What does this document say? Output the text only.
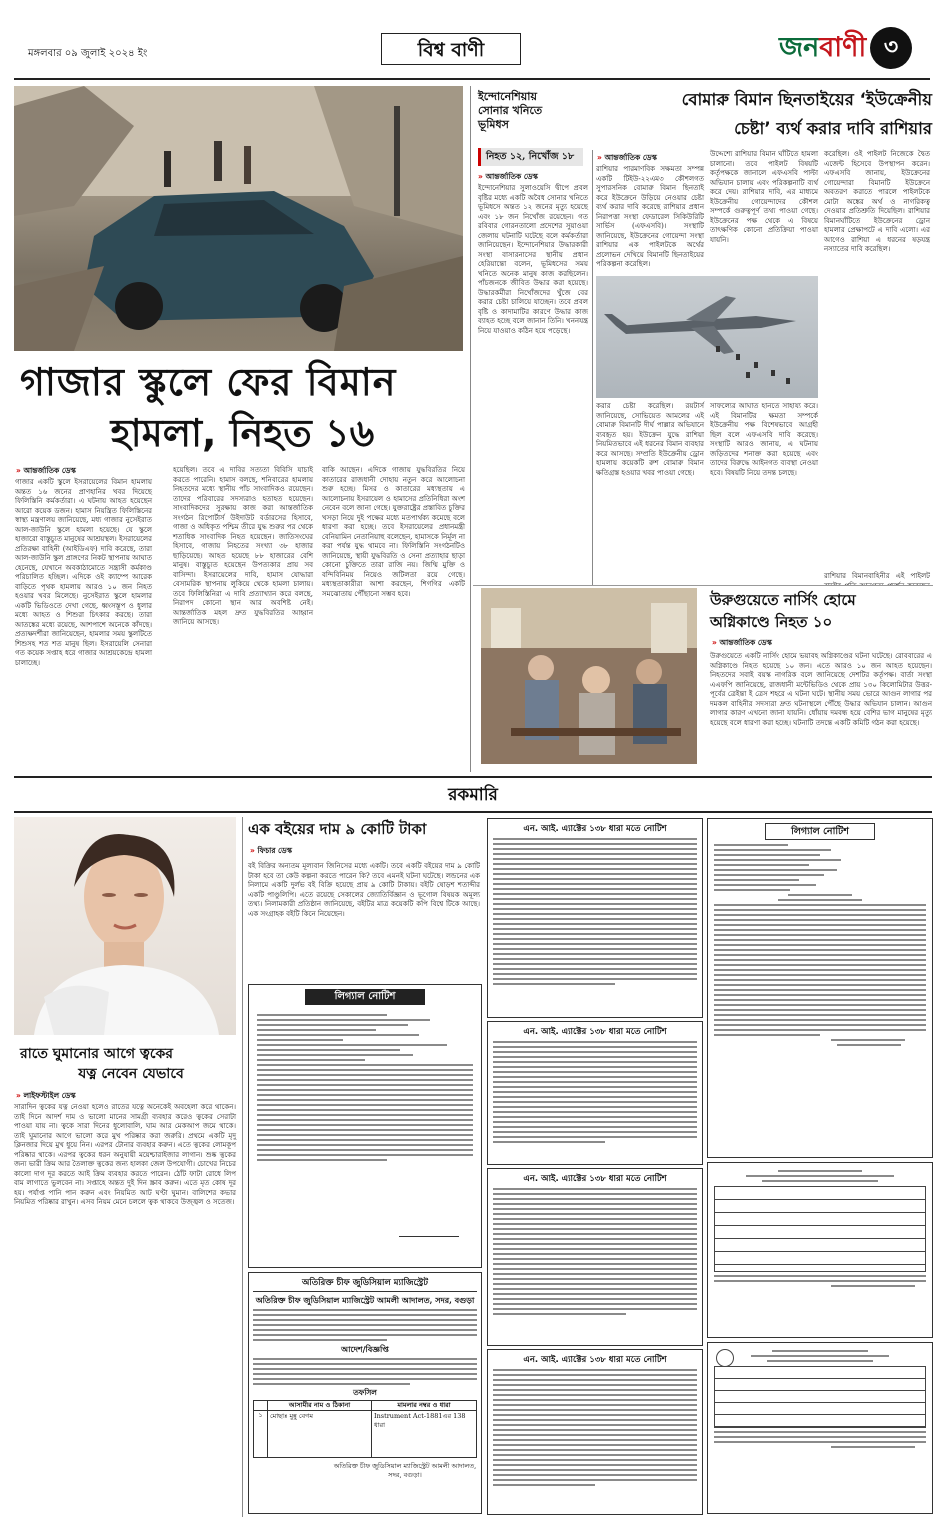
মঙ্গলবার ০৯ জুলাই ২০২৪ ইং	বিশ্ব বাণী	জনবাণী ৩
গাজার স্কুলে ফের বিমান
হামলা, নিহত ১৬
» আন্তর্জাতিক ডেস্ক
গাজার একটি স্কুলে ইসরায়েলের বিমান হামলায় অন্তত ১৬ জনের প্রাণহানির খবর দিয়েছে ফিলিস্তিনি কর্মকর্তারা। এ ঘটনায় আহত হয়েছেন আরো কয়েক ডজন। হামাস নিয়ন্ত্রিত ফিলিস্তিনের স্বাস্থ্য মন্ত্রণালয় জানিয়েছে, মধ্য গাজার নুসেইরাত আল-জাউনি স্কুলে হামলা হয়েছে। যে স্কুলে হাজারো বাস্তুচ্যুত মানুষের আশ্রয়স্থল। ইসরায়েলের প্রতিরক্ষা বাহিনী (আইডিএফ) দাবি করেছে, তারা আল-জাউনি স্কুল প্রাঙ্গণের নিকট স্থাপনায় আঘাত হেনেছে, যেখানে অবকাঠামোতে সন্ত্রাসী কর্মকাণ্ড পরিচালিত হচ্ছিল। এদিকে ওই ক্যাম্পে আরেক বাড়িতে পৃথক হামলায় আরও ১০ জন নিহত হওয়ার খবর মিলেছে। নুসেইরাত স্কুলে হামলার একটি ভিডিওতে দেখা গেছে, ধ্বংসস্তূপ ও ধুলার মধ্যে আহত ও শিশুরা চিৎকার করছে। তারা আতঙ্কের মধ্যে রয়েছে, আশপাশে অনেকে কাঁদছে। প্রত্যক্ষদর্শীরা জানিয়েছেন, হামলার সময় স্কুলটিতে শিশুসহ শত শত মানুষ ছিল। ইসরায়েলি সেনারা গত কয়েক সপ্তাহ ধরে গাজার আশ্রয়কেন্দ্রে হামলা চালাচ্ছে।
হয়েছিল। তবে এ দাবির সত্যতা বিবিসি যাচাই করতে পারেনি। হামাস বলছে, শনিবারের হামলায় নিহতদের মধ্যে স্থানীয় পাঁচ সাংবাদিকও রয়েছেন। তাদের পরিবারের সদস্যরাও হতাহত হয়েছেন। সাংবাদিকদের সুরক্ষায় কাজ করা আন্তর্জাতিক সংগঠন রিপোর্টার্স উইদাউট বর্ডারসের হিসাবে, গাজা ও অধিকৃত পশ্চিম তীরে যুদ্ধ শুরুর পর থেকে শতাধিক সাংবাদিক নিহত হয়েছেন। জাতিসংঘের হিসাবে, গাজায় নিহতের সংখ্যা ৩৮ হাজার ছাড়িয়েছে। আহত হয়েছে ৮৮ হাজারের বেশি মানুষ। বাস্তুচ্যুত হয়েছেন উপত্যকার প্রায় সব বাসিন্দা। ইসরায়েলের দাবি, হামাস যোদ্ধারা বেসামরিক স্থাপনায় লুকিয়ে থেকে হামলা চালায়। তবে ফিলিস্তিনিরা এ দাবি প্রত্যাখ্যান করে বলছে, নিরাপদ কোনো স্থান আর অবশিষ্ট নেই। আন্তর্জাতিক মহল দ্রুত যুদ্ধবিরতির আহ্বান জানিয়ে আসছে।
বাকি আছেন। এদিকে গাজায় যুদ্ধবিরতির নিয়ে কাতারের রাজধানী দোহায় নতুন করে আলোচনা শুরু হচ্ছে। মিসর ও কাতারের মধ্যস্থতায় এ আলোচনায় ইসরায়েল ও হামাসের প্রতিনিধিরা অংশ নেবেন বলে জানা গেছে। যুক্তরাষ্ট্রের প্রস্তাবিত চুক্তির খসড়া নিয়ে দুই পক্ষের মধ্যে মতপার্থক্য কমেছে বলে ধারণা করা হচ্ছে। তবে ইসরায়েলের প্রধানমন্ত্রী বেনিয়ামিন নেতানিয়াহু বলেছেন, হামাসকে নির্মূল না করা পর্যন্ত যুদ্ধ থামবে না। ফিলিস্তিনি সংগঠনটিও জানিয়েছে, স্থায়ী যুদ্ধবিরতি ও সেনা প্রত্যাহার ছাড়া কোনো চুক্তিতে তারা রাজি নয়। জিম্মি মুক্তি ও বন্দিবিনিময় নিয়েও জটিলতা রয়ে গেছে। মধ্যস্থতাকারীরা আশা করছেন, শিগগির একটি সমঝোতায় পৌঁছানো সম্ভব হবে।
ইন্দোনেশিয়ায় সোনার খনিতে ভূমিধস
নিহত ১২, নিখোঁজ ১৮
» আন্তর্জাতিক ডেস্ক
ইন্দোনেশিয়ার সুলাওয়েসি দ্বীপে প্রবল বৃষ্টির মধ্যে একটি অবৈধ সোনার খনিতে ভূমিধসে অন্তত ১২ জনের মৃত্যু হয়েছে এবং ১৮ জন নিখোঁজ রয়েছেন। গত রবিবার গোরনতালো প্রদেশের সুয়াওয়া জেলায় ঘটনাটি ঘটেছে বলে কর্মকর্তারা জানিয়েছেন। ইন্দোনেশিয়ার উদ্ধারকারী সংস্থা বাসারনাসের স্থানীয় প্রধান হেরিয়ান্তো বলেন, ভূমিধসের সময় খনিতে অনেক মানুষ কাজ করছিলেন। পাঁচজনকে জীবিত উদ্ধার করা হয়েছে। উদ্ধারকর্মীরা নিখোঁজদের খুঁজে বের করার চেষ্টা চালিয়ে যাচ্ছেন। তবে প্রবল বৃষ্টি ও কাদামাটির কারণে উদ্ধার কাজ ব্যাহত হচ্ছে বলে জানান তিনি। খননযন্ত্র নিয়ে যাওয়াও কঠিন হয়ে পড়েছে।
বোমারু বিমান ছিনতাইয়ের ‘ইউক্রেনীয়
চেষ্টা’ ব্যর্থ করার দাবি রাশিয়ার
» আন্তর্জাতিক ডেস্ক
রাশিয়ার পারমাণবিক সক্ষমতা সম্পন্ন একটি টিইউ-২২এম৩ কৌশলগত সুপারসনিক বোমারু বিমান ছিনতাই করে ইউক্রেনে উড়িয়ে নেওয়ার চেষ্টা ব্যর্থ করার দাবি করেছে রাশিয়ার প্রধান নিরাপত্তা সংস্থা ফেডারেল সিকিউরিটি সার্ভিস (এফএসবি)। সংস্থাটি জানিয়েছে, ইউক্রেনের গোয়েন্দা সংস্থা রাশিয়ার এক পাইলটকে অর্থের প্রলোভন দেখিয়ে বিমানটি ছিনতাইয়ের পরিকল্পনা করেছিল।
উদ্দেশ্যে রাশিয়ার বিমান ঘাঁটিতে হামলা চালানো। তবে পাইলট বিষয়টি কর্তৃপক্ষকে জানালে এফএসবি পাল্টা অভিযান চালায় এবং পরিকল্পনাটি ব্যর্থ করে দেয়। রাশিয়ার দাবি, এর মাধ্যমে ইউক্রেনীয় গোয়েন্দাদের কৌশল সম্পর্কে গুরুত্বপূর্ণ তথ্য পাওয়া গেছে। ইউক্রেনের পক্ষ থেকে এ বিষয়ে তাৎক্ষণিক কোনো প্রতিক্রিয়া পাওয়া যায়নি।
করেছিল। ওই পাইলট নিজেকে দ্বৈত এজেন্ট হিসেবে উপস্থাপন করেন। এফএসবি জানায়, ইউক্রেনের গোয়েন্দারা বিমানটি ইউক্রেনে অবতরণ করাতে পারলে পাইলটকে মোটা অঙ্কের অর্থ ও নাগরিকত্ব দেওয়ার প্রতিশ্রুতি দিয়েছিল। রাশিয়ার বিমানঘাঁটিতে ইউক্রেনের ড্রোন হামলার প্রেক্ষাপটে এ দাবি এলো। এর আগেও রাশিয়া এ ধরনের ষড়যন্ত্র নস্যাতের দাবি করেছিল।
করার চেষ্টা করেছিল। রয়টার্স জানিয়েছে, সোভিয়েত আমলের এই বোমারু বিমানটি দীর্ঘ পাল্লার অভিযানে ব্যবহৃত হয়। ইউক্রেন যুদ্ধে রাশিয়া নিয়মিতভাবে এই ধরনের বিমান ব্যবহার করে আসছে। সম্প্রতি ইউক্রেনীয় ড্রোন হামলায় কয়েকটি রুশ বোমারু বিমান ক্ষতিগ্রস্ত হওয়ার খবর পাওয়া গেছে।
সাফল্যের আঘাত হানতে সাহায্য করে। এই বিমানটির ক্ষমতা সম্পর্কে ইউক্রেনীয় পক্ষ বিশেষভাবে আগ্রহী ছিল বলে এফএসবি দাবি করেছে। সংস্থাটি আরও জানায়, এ ঘটনায় জড়িতদের শনাক্ত করা হয়েছে এবং তাদের বিরুদ্ধে আইনগত ব্যবস্থা নেওয়া হবে। বিষয়টি নিয়ে তদন্ত চলছে।
রাশিয়ার বিমানবাহিনীর এই পাইলট
উরুগুয়েতে নার্সিং হোমে
অগ্নিকাণ্ডে নিহত ১০
» আন্তর্জাতিক ডেস্ক
উরুগুয়েতে একটি নার্সিং হোমে ভয়াবহ অগ্নিকাণ্ডের ঘটনা ঘটেছে। রোববারের এ অগ্নিকাণ্ডে নিহত হয়েছে ১০ জন। এতে আরও ১০ জন আহত হয়েছেন। নিহতদের সবাই বয়স্ক নাগরিক বলে জানিয়েছে দেশটির কর্তৃপক্ষ। বার্তা সংস্থা এএফপি জানিয়েছে, রাজধানী মন্টেভিডিও থেকে প্রায় ১৩০ কিলোমিটার উত্তর-পূর্বের ত্রেইন্তা ই ত্রেস শহরে এ ঘটনা ঘটে। স্থানীয় সময় ভোরে আগুন লাগার পর দমকল বাহিনীর সদস্যরা দ্রুত ঘটনাস্থলে পৌঁছে উদ্ধার অভিযান চালান। আগুন লাগার কারণ এখনো জানা যায়নি। ধোঁয়ায় দমবন্ধ হয়ে বেশির ভাগ মানুষের মৃত্যু হয়েছে বলে ধারণা করা হচ্ছে। ঘটনাটি তদন্তে একটি কমিটি গঠন করা হয়েছে।
রকমারি
রাতে ঘুমানোর আগে ত্বকের
যত্ন নেবেন যেভাবে
» লাইফস্টাইল ডেস্ক
সারাদিন ত্বকের যত্ন নেওয়া হলেও রাতের যত্নে অনেকেই অবহেলা করে থাকেন। তাই দিনে আদর্শ দাম ও ভালো মানের সামগ্রী ব্যবহার করেও ত্বকের সেরাটা পাওয়া যায় না। ত্বকে সারা দিনের ধুলোবালি, ঘাম আর মেকআপ জমে থাকে। তাই ঘুমানোর আগে ভালো করে মুখ পরিষ্কার করা জরুরি। প্রথমে একটি মৃদু ক্লিনজার দিয়ে মুখ ধুয়ে নিন। এরপর টোনার ব্যবহার করুন। এতে ত্বকের লোমকূপ পরিষ্কার থাকে। এরপর ত্বকের ধরন অনুযায়ী ময়েশ্চারাইজার লাগান। শুষ্ক ত্বকের জন্য ভারী ক্রিম আর তৈলাক্ত ত্বকের জন্য হালকা জেল উপযোগী। চোখের নিচের কালো দাগ দূর করতে আই ক্রিম ব্যবহার করতে পারেন। ঠোঁট ফাটা রোধে লিপ বাম লাগাতে ভুলবেন না। সপ্তাহে অন্তত দুই দিন স্ক্রাব করুন। এতে মৃত কোষ দূর হয়। পর্যাপ্ত পানি পান করুন এবং নিয়মিত আট ঘণ্টা ঘুমান। বালিশের কভার নিয়মিত পরিষ্কার রাখুন। এসব নিয়ম মেনে চললে ত্বক থাকবে উজ্জ্বল ও সতেজ।
এক বইয়ের দাম ৯ কোটি টাকা
» ফিচার ডেস্ক
বই বিক্রির অন্যতম মূল্যবান জিনিসের মধ্যে একটি। তবে একটি বইয়ের দাম ৯ কোটি টাকা হবে তা কেউ কল্পনা করতে পারেন কি? তবে এমনই ঘটনা ঘটেছে। লন্ডনের এক নিলামে একটি দুর্লভ বই বিক্রি হয়েছে প্রায় ৯ কোটি টাকায়। বইটি ষোড়শ শতাব্দীর একটি পাণ্ডুলিপি। এতে রয়েছে সেকালের জ্যোতির্বিজ্ঞান ও ভূগোল বিষয়ক অমূল্য তথ্য। নিলামকারী প্রতিষ্ঠান জানিয়েছে, বইটির মাত্র কয়েকটি কপি বিশ্বে টিকে আছে। এক সংগ্রাহক বইটি কিনে নিয়েছেন।
লিগ্যাল নোটিশ
অতিরিক্ত চীফ জুডিসিয়াল ম্যাজিস্ট্রেট
অতিরিক্ত চীফ জুডিসিয়াল ম্যাজিস্ট্রেট আমলী আদালত, সদর, বগুড়া
আদেশ/বিজ্ঞপ্তি
তফসিল
আসামীর নাম ও ঠিকানা	মামলার নম্বর ও ধারা
১	মোছাঃ মুন্নু বেগম	Instrument Act-1881এর 138 ধারা
অতিরিক্ত চীফ জুডিসিয়াল ম্যাজিস্ট্রেট আমলী আদালত, সদর, বগুড়া।
এন. আই. এ্যাক্টের ১৩৮ ধারা মতে নোটিশ
এন. আই. এ্যাক্টের ১৩৮ ধারা মতে নোটিশ
এন. আই. এ্যাক্টের ১৩৮ ধারা মতে নোটিশ
এন. আই. এ্যাক্টের ১৩৮ ধারা মতে নোটিশ
লিগ্যাল নোটিশ
